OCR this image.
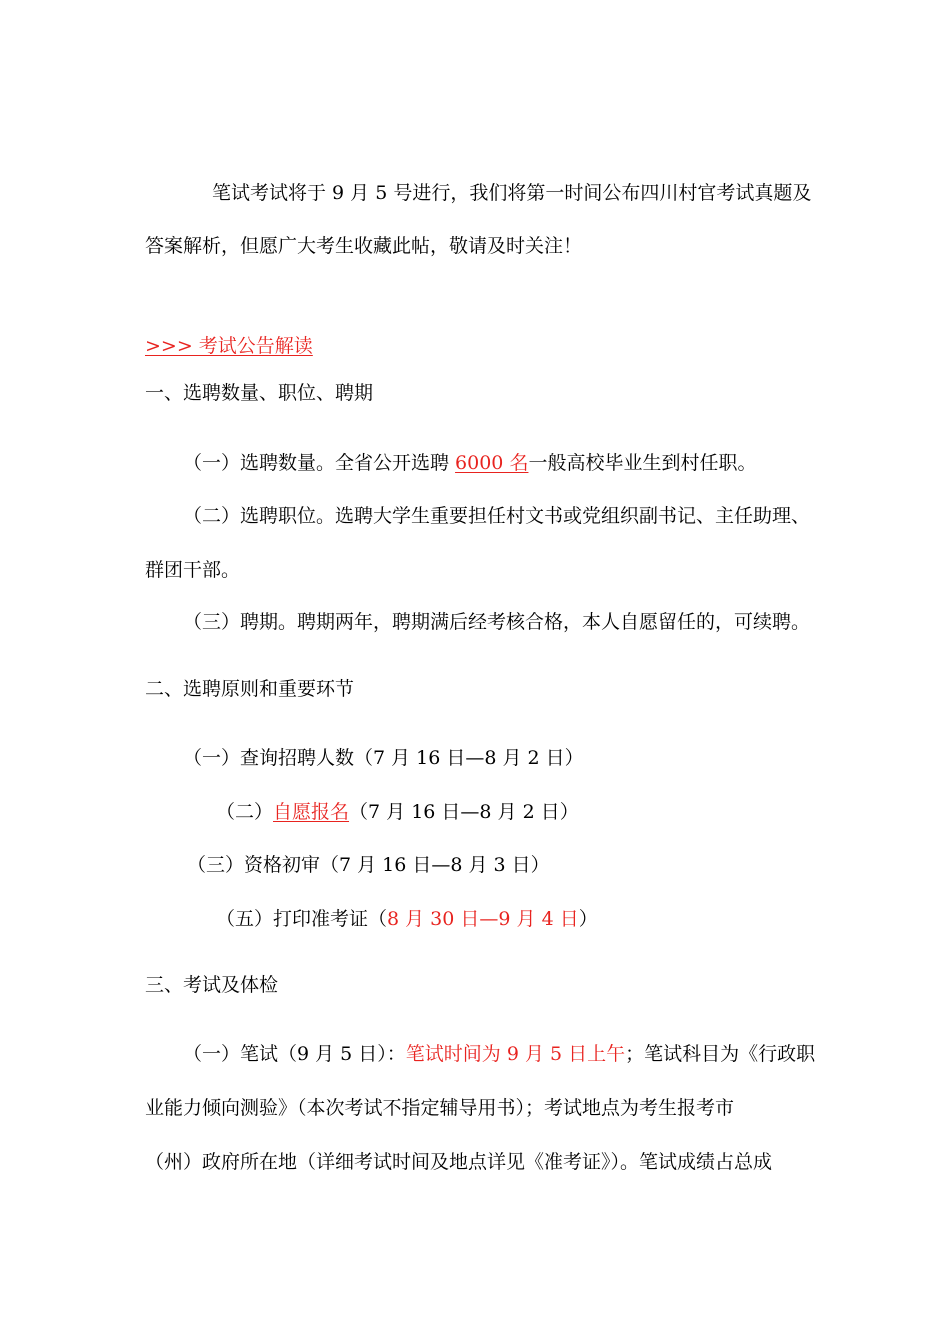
笔试考试将于 9 月 5 号进行，我们将第一时间公布四川村官考试真题及

答案解析，但愿广大考生收藏此帖，敬请及时关注！

>>> 考试公告解读

一、选聘数量、职位、聘期

（一）选聘数量。全省公开选聘 6000 名一般高校毕业生到村任职。

（二）选聘职位。选聘大学生重要担任村文书或党组织副书记、主任助理、

群团干部。

（三）聘期。聘期两年，聘期满后经考核合格，本人自愿留任的，可续聘。

二、选聘原则和重要环节

（一）查询招聘人数（7 月 16 日—8 月 2 日）

（二）自愿报名（7 月 16 日—8 月 2 日）

（三）资格初审（7 月 16 日—8 月 3 日）

（五）打印准考证（8 月 30 日—9 月 4 日）

三、考试及体检

（一）笔试（9 月 5 日）：笔试时间为 9 月 5 日上午；笔试科目为《行政职

业能力倾向测验》（本次考试不指定辅导用书）；考试地点为考生报考市

（州）政府所在地（详细考试时间及地点详见《准考证》）。笔试成绩占总成
